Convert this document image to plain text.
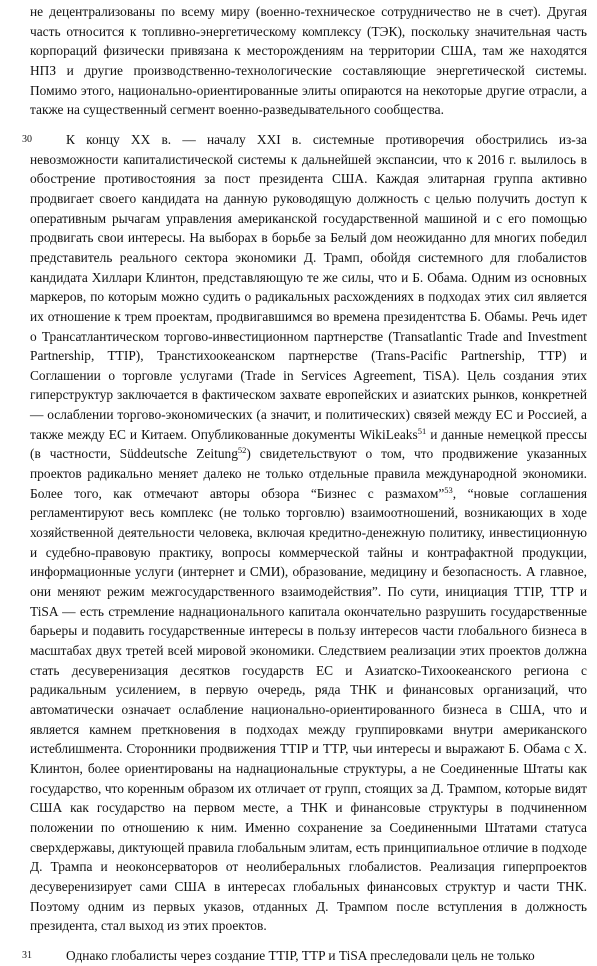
не децентрализованы по всему миру (военно-техническое сотрудничество не в счет). Другая часть относится к топливно-энергетическому комплексу (ТЭК), поскольку значительная часть корпораций физически привязана к месторождениям на территории США, там же находятся НПЗ и другие производственно-технологические составляющие энергетической системы. Помимо этого, национально-ориентированные элиты опираются на некоторые другие отрасли, а также на существенный сегмент военно-разведывательного сообщества.

30	К концу XX в. — началу XXI в. системные противоречия обострились из-за невозможности капиталистической системы к дальнейшей экспансии, что к 2016 г. вылилось в обострение противостояния за пост президента США. Каждая элитарная группа активно продвигает своего кандидата на данную руководящую должность с целью получить доступ к оперативным рычагам управления американской государственной машиной и с его помощью продвигать свои интересы. На выборах в борьбе за Белый дом неожиданно для многих победил представитель реального сектора экономики Д. Трамп, обойдя системного для глобалистов кандидата Хиллари Клинтон, представляющую те же силы, что и Б. Обама. Одним из основных маркеров, по которым можно судить о радикальных расхождениях в подходах этих сил является их отношение к трем проектам, продвигавшимся во времена президентства Б. Обамы. Речь идет о Трансатлантическом торгово-инвестиционном партнерстве (Transatlantic Trade and Investment Partnership, TTIP), Транстихоокеанском партнерстве (Trans-Pacific Partnership, TTP) и Соглашении о торговле услугами (Trade in Services Agreement, TiSA). Цель создания этих гиперструктур заключается в фактическом захвате европейских и азиатских рынков, конкретней — ослаблении торгово-экономических (а значит, и политических) связей между ЕС и Россией, а также между ЕС и Китаем. Опубликованные документы WikiLeaks$^{51}$ и данные немецкой прессы (в частности, Süddeutsche Zeitung$^{52}$) свидетельствуют о том, что продвижение указанных проектов радикально меняет далеко не только отдельные правила международной экономики. Более того, как отмечают авторы обзора “Бизнес с размахом”$^{53}$, “новые соглашения регламентируют весь комплекс (не только торговлю) взаимоотношений, возникающих в ходе хозяйственной деятельности человека, включая кредитно-денежную политику, инвестиционную и судебно-правовую практику, вопросы коммерческой тайны и контрафактной продукции, информационные услуги (интернет и СМИ), образование, медицину и безопасность. А главное, они меняют режим межгосударственного взаимодействия”. По сути, инициация TTIP, TTP и TiSA — есть стремление наднационального капитала окончательно разрушить государственные барьеры и подавить государственные интересы в пользу интересов части глобального бизнеса в масштабах двух третей всей мировой экономики. Следствием реализации этих проектов должна стать десуверенизация десятков государств ЕС и Азиатско-Тихоокеанского региона с радикальным усилением, в первую очередь, ряда ТНК и финансовых организаций, что автоматически означает ослабление национально-ориентированного бизнеса в США, что и является камнем преткновения в подходах между группировками внутри американского истеблишмента. Сторонники продвижения TTIP и TTP, чьи интересы и выражают Б. Обама с Х. Клинтон, более ориентированы на наднациональные структуры, а не Соединенные Штаты как государство, что коренным образом их отличает от групп, стоящих за Д. Трампом, которые видят США как государство на первом месте, а ТНК и финансовые структуры в подчиненном положении по отношению к ним. Именно сохранение за Соединенными Штатами статуса сверхдержавы, диктующей правила глобальным элитам, есть принципиальное отличие в подходе Д. Трампа и неоконсерваторов от неолиберальных глобалистов. Реализация гиперпроектов десуверенизирует сами США в интересах глобальных финансовых структур и части ТНК. Поэтому одним из первых указов, отданных Д. Трампом после вступления в должность президента, стал выход из этих проектов.

31	Однако глобалисты через создание TTIP, TTP и TiSA преследовали цель не только
